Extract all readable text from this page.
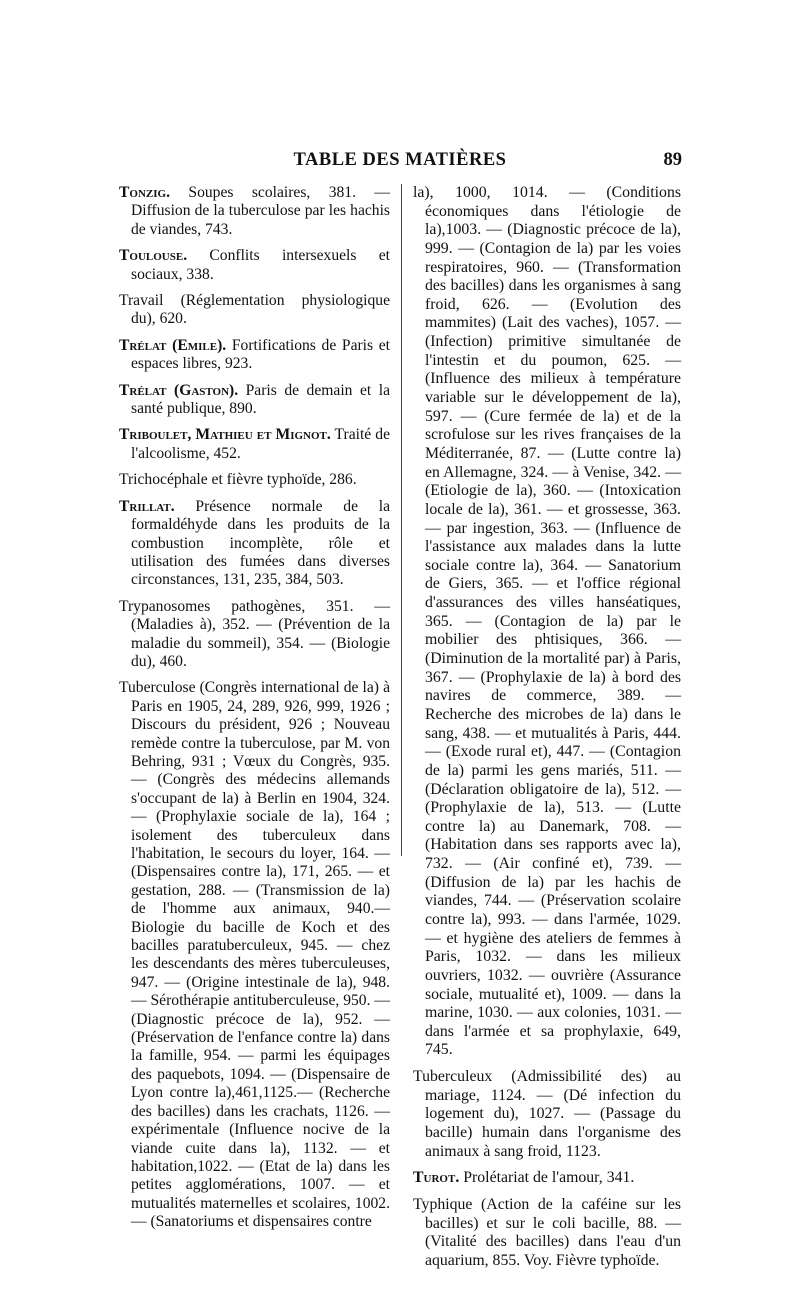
TABLE DES MATIÈRES	89

Tonzig. Soupes scolaires, 381. — Diffusion de la tuberculose par les hachis de viandes, 743.

Toulouse. Conflits intersexuels et sociaux, 338.

Travail (Réglementation physiologique du), 620.

Trélat (Emile). Fortifications de Paris et espaces libres, 923.

Trélat (Gaston). Paris de demain et la santé publique, 890.

Triboulet, Mathieu et Mignot. Traité de l'alcoolisme, 452.

Trichocéphale et fièvre typhoïde, 286.

Trillat. Présence normale de la formaldéhyde dans les produits de la combustion incomplète, rôle et utilisation des fumées dans diverses circonstances, 131, 235, 384, 503.

Trypanosomes pathogènes, 351. — (Maladies à), 352. — (Prévention de la maladie du sommeil), 354. — (Biologie du), 460.

Tuberculose (Congrès international de la) à Paris en 1905, 24, 289, 926, 999, 1926 ; Discours du président, 926 ; Nouveau remède contre la tuberculose, par M. von Behring, 931 ; Vœux du Congrès, 935. — (Congrès des médecins allemands s'occupant de la) à Berlin en 1904, 324. — (Prophylaxie sociale de la), 164 ; isolement des tuberculeux dans l'habitation, le secours du loyer, 164. — (Dispensaires contre la), 171, 265. — et gestation, 288. — (Transmission de la) de l'homme aux animaux, 940.— Biologie du bacille de Koch et des bacilles paratuberculeux, 945. — chez les descendants des mères tuberculeuses, 947. — (Origine intestinale de la), 948. — Sérothérapie antituberculeuse, 950. — (Diagnostic précoce de la), 952. — (Préservation de l'enfance contre la) dans la famille, 954. — parmi les équipages des paquebots, 1094. — (Dispensaire de Lyon contre la),461,1125.— (Recherche des bacilles) dans les crachats, 1126. — expérimentale (Influence nocive de la viande cuite dans la), 1132. — et habitation,1022. — (Etat de la) dans les petites agglomérations, 1007. — et mutualités maternelles et scolaires, 1002. — (Sanatoriums et dispensaires contre

la), 1000, 1014. — (Conditions économiques dans l'étiologie de la),1003. — (Diagnostic précoce de la), 999. — (Contagion de la) par les voies respiratoires, 960. — (Transformation des bacilles) dans les organismes à sang froid, 626. — (Evolution des mammites) (Lait des vaches), 1057. — (Infection) primitive simultanée de l'intestin et du poumon, 625. — (Influence des milieux à température variable sur le développement de la), 597. — (Cure fermée de la) et de la scrofulose sur les rives françaises de la Méditerranée, 87. — (Lutte contre la) en Allemagne, 324. — à Venise, 342. — (Etiologie de la), 360. — (Intoxication locale de la), 361. — et grossesse, 363. — par ingestion, 363. — (Influence de l'assistance aux malades dans la lutte sociale contre la), 364. — Sanatorium de Giers, 365. — et l'office régional d'assurances des villes hanséatiques, 365. — (Contagion de la) par le mobilier des phtisiques, 366. — (Diminution de la mortalité par) à Paris, 367. — (Prophylaxie de la) à bord des navires de commerce, 389. — Recherche des microbes de la) dans le sang, 438. — et mutualités à Paris, 444.— (Exode rural et), 447. — (Contagion de la) parmi les gens mariés, 511. — (Déclaration obligatoire de la), 512. — (Prophylaxie de la), 513. — (Lutte contre la) au Danemark, 708. — (Habitation dans ses rapports avec la), 732. — (Air confiné et), 739. — (Diffusion de la) par les hachis de viandes, 744. — (Préservation scolaire contre la), 993. — dans l'armée, 1029. — et hygiène des ateliers de femmes à Paris, 1032. — dans les milieux ouvriers, 1032. — ouvrière (Assurance sociale, mutualité et), 1009. — dans la marine, 1030. — aux colonies, 1031. — dans l'armée et sa prophylaxie, 649, 745.

Tuberculeux (Admissibilité des) au mariage, 1124. — (Dé infection du logement du), 1027. — (Passage du bacille) humain dans l'organisme des animaux à sang froid, 1123.

Turot. Prolétariat de l'amour, 341.

Typhique (Action de la caféine sur les bacilles) et sur le coli bacille, 88. — (Vitalité des bacilles) dans l'eau d'un aquarium, 855. Voy. Fièvre typhoïde.
